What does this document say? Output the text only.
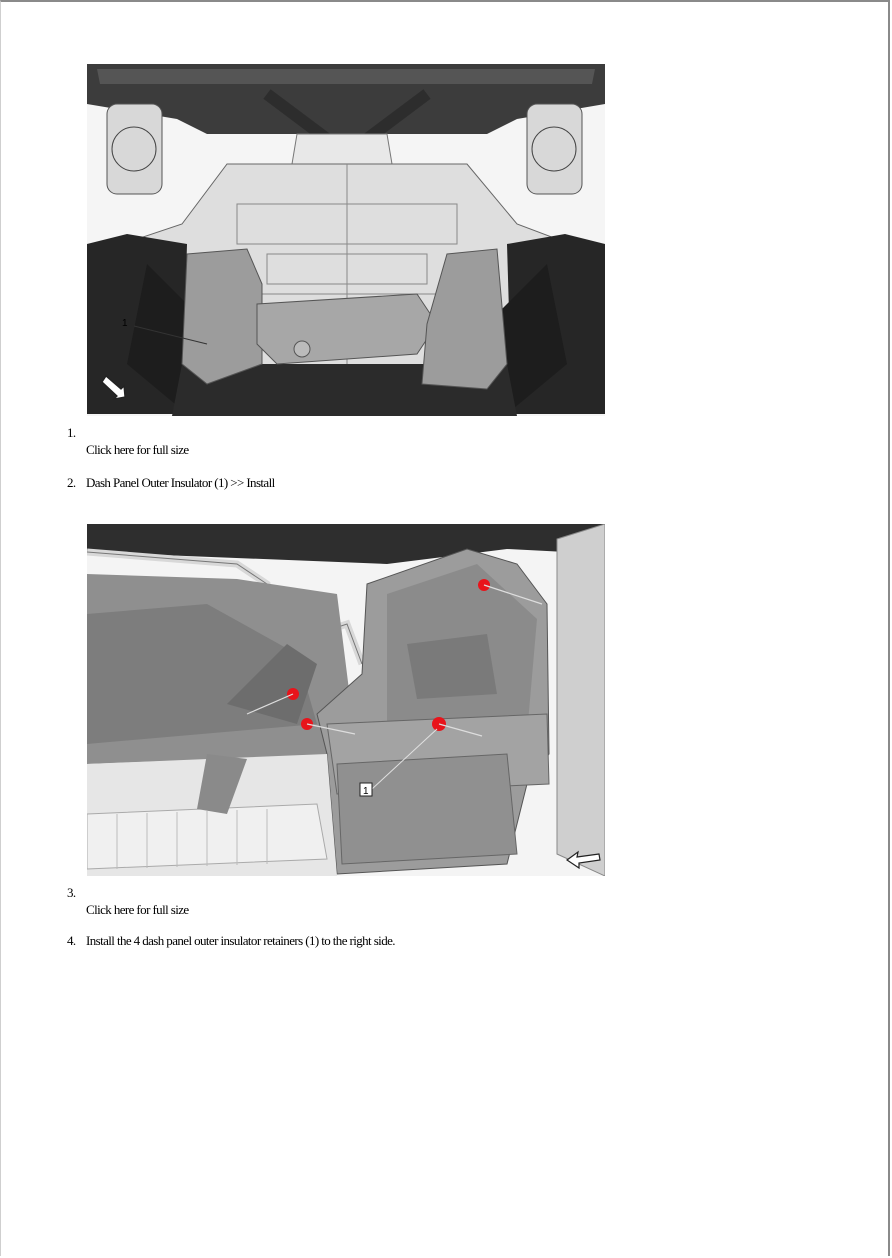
1
1.
Click here for full size
2. Dash Panel Outer Insulator (1) >> Install
1
3.
Click here for full size
4. Install the 4 dash panel outer insulator retainers (1) to the right side.
